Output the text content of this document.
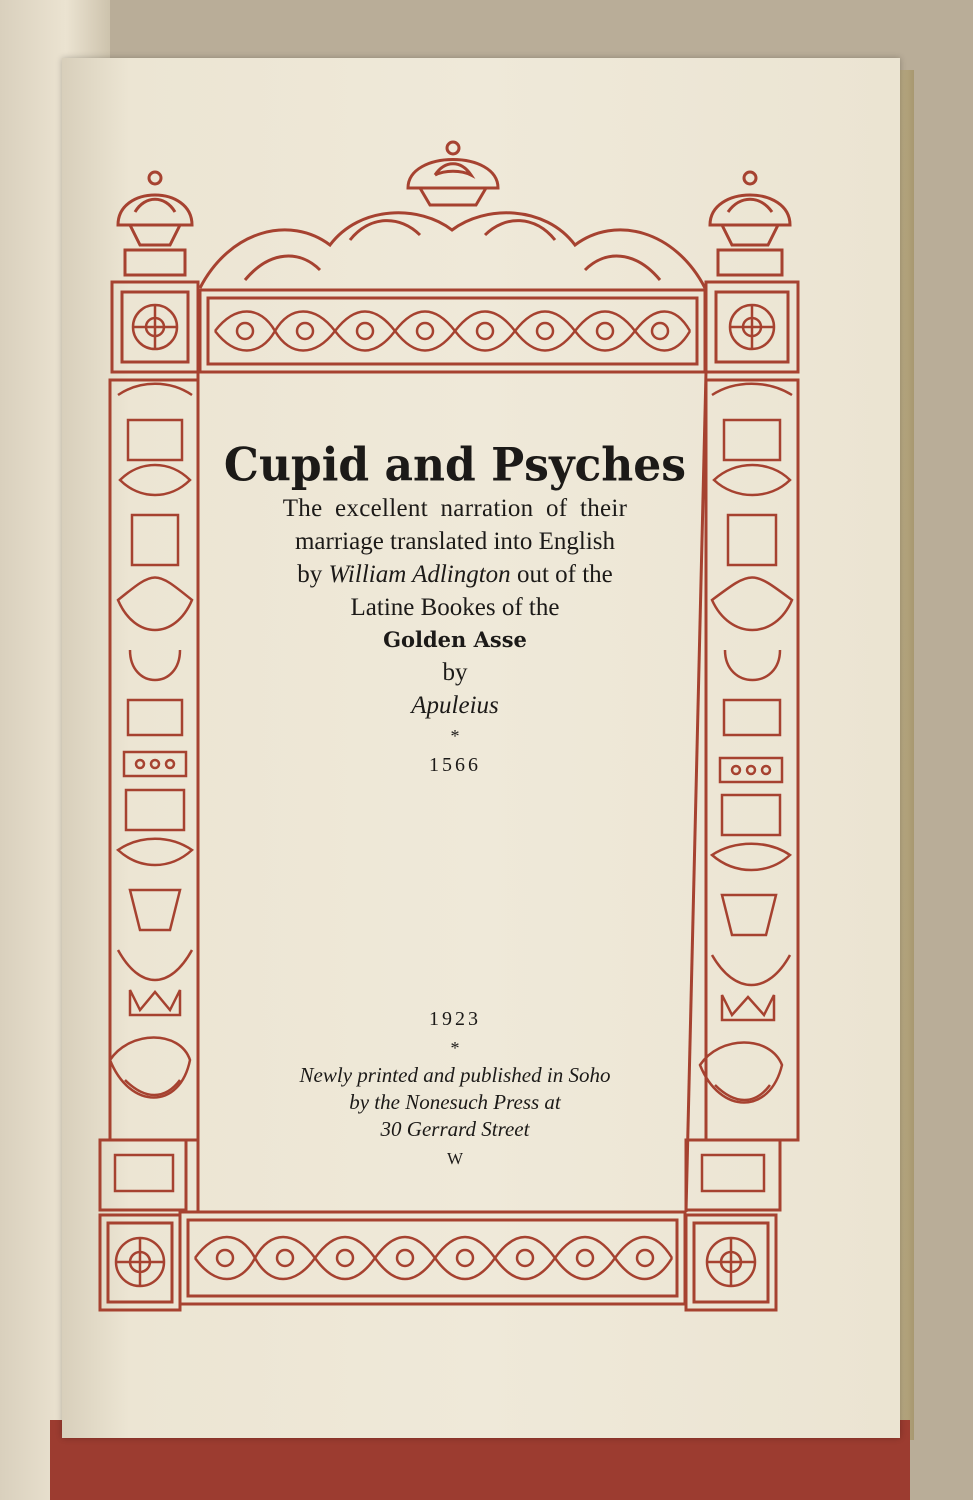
Cupid and Psyches

The excellent narration of their

marriage translated into English

by William Adlington out of the

Latine Bookes of the

Golden Asse

by

Apuleius

*

1566

1923

*

Newly printed and published in Soho

by the Nonesuch Press at

30 Gerrard Street

W
